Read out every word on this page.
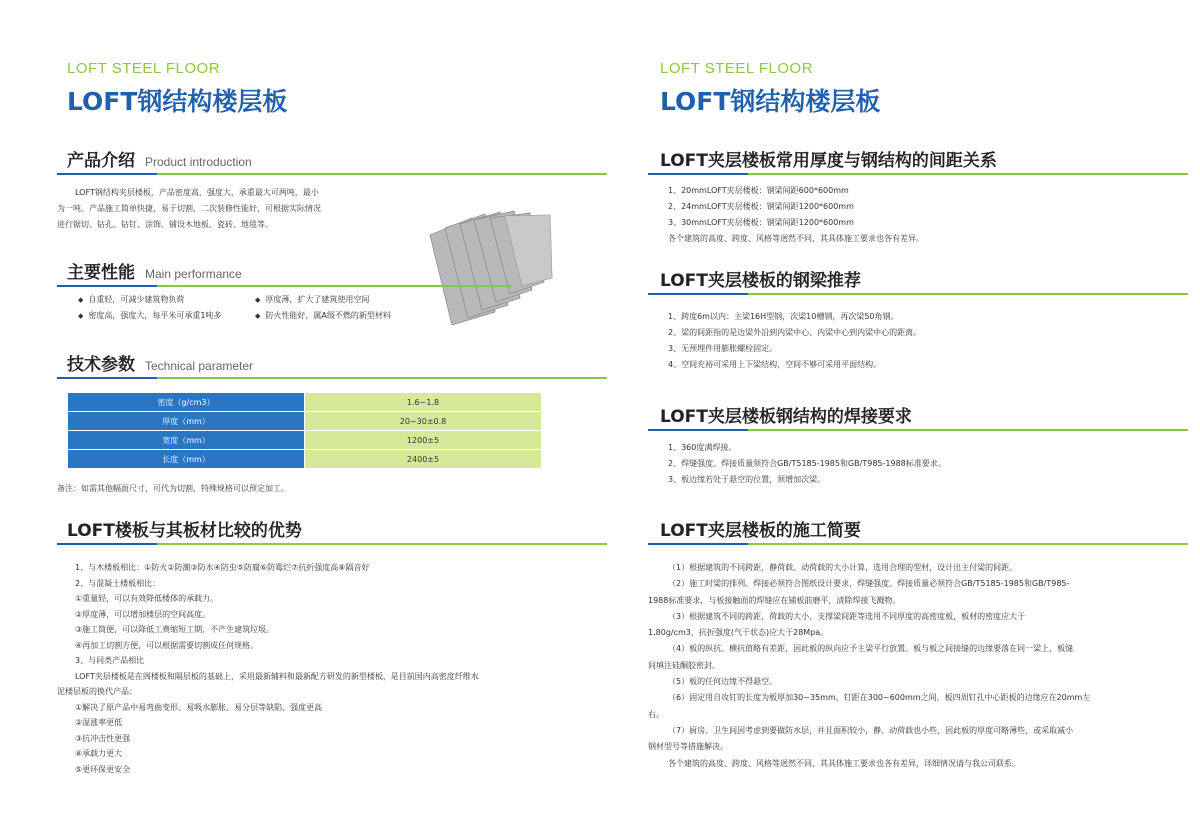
LOFT STEEL FLOOR
LOFT钢结构楼层板
产品介绍 Product introduction
LOFT钢结构夹层楼板，产品密度高，强度大，承重最大可两吨，最小
为一吨。产品施工简单快捷，易于切割，二次装修性能好，可根据实际情况
进行锯切、钻孔、钻钉、涂饰、铺设木地板、瓷砖、地毯等。
主要性能 Main performance
◆ 自重轻，可减少建筑物负荷	◆ 厚度薄，扩大了建筑使用空间
◆ 密度高，强度大，每平米可承重1吨多	◆ 防火性能好，属A级不燃的新型材料
技术参数 Technical parameter
密度（g/cm3）	1.6~1.8
厚度（mm）	20~30±0.8
宽度（mm）	1200±5
长度（mm）	2400±5
备注：如需其他幅面尺寸，可代为切割，特殊规格可以预定加工。
LOFT楼板与其板材比较的优势
1、与木楼板相比：①防火②防潮③防水④防虫⑤防腐⑥防霉烂⑦抗折强度高⑧隔音好
2、与混凝土楼板相比：
①重量轻，可以有效降低楼体的承载力。
②厚度薄，可以增加楼层的空间高度。
③施工简便，可以降低工费缩短工期，不产生建筑垃圾。
④再加工切割方便，可以根据需要切割成任何规格。
3、与同类产品相比
LOFT夹层楼板是在阁楼板和隔层板的基础上，采用最新辅料和最新配方研发的新型楼板，是目前国内高密度纤维水
泥楼层板的换代产品：
①解决了原产品中易弯曲变形、易吸水膨胀、易分层等缺陷、强度更高
②湿涨率更低
③抗冲击性更强
④承载力更大
⑤更环保更安全
LOFT STEEL FLOOR
LOFT钢结构楼层板
LOFT夹层楼板常用厚度与钢结构的间距关系
1、20mmLOFT夹层楼板：钢梁间距600*600mm
2、24mmLOFT夹层楼板：钢梁间距1200*600mm
3、30mmLOFT夹层楼板：钢梁间距1200*600mm
各个建筑的高度、跨度、风格等迥然不同，其具体施工要求也各有差异。
LOFT夹层楼板的钢梁推荐
1、跨度6m以内：主梁16H型钢，次梁10槽钢，再次梁50角钢。
2、梁的间距指的是边梁外沿到内梁中心、内梁中心到内梁中心的距离。
3、无预埋件用膨胀螺栓固定。
4、空间充裕可采用上下梁结构，空间不够可采用平面结构。
LOFT夹层楼板钢结构的焊接要求
1、360度满焊接。
2、焊缝强度、焊接质量须符合GB/T5185-1985和GB/T985-1988标准要求。
3、板边缘若处于悬空的位置，须增加次梁。
LOFT夹层楼板的施工简要
（1）根据建筑的不同跨距，静荷载、动荷载的大小计算，选用合理的型材，设计出主付梁的间距。
（2）施工时梁的排列、焊接必须符合图纸设计要求，焊缝强度、焊接质量必须符合GB/T5185-1985和GB/T985-
1988标准要求，与板接触面的焊缝应在铺板前磨平，清除焊接飞溅物。
（3）根据建筑不同的跨距，荷载的大小，支撑梁间距等选用不同厚度的高密度板，板材的密度应大于
1.80g/cm3，抗折强度(气干状态)应大于28Mpa。
（4）板的纵抗、横抗值略有差距，因此板的纵向应予主梁平行放置。板与板之间接缝的边缘要落在同一梁上，板缝
间填注硅酮胶密封。
（5）板的任何边缘不得悬空。
（6）固定用自攻钉的长度为板厚加30~35mm，钉距在300~600mm之间，板四周钉孔中心距板的边缘应在20mm左
右。
（7）厨房、卫生间因考虑到要做防水层，并且面积较小，静、动荷载也小些，因此板的厚度可略薄些，或采取减小
钢材型号等措施解决。
各个建筑的高度、跨度、风格等迥然不同，其具体施工要求也各有差异，详细情况请与我公司联系。
